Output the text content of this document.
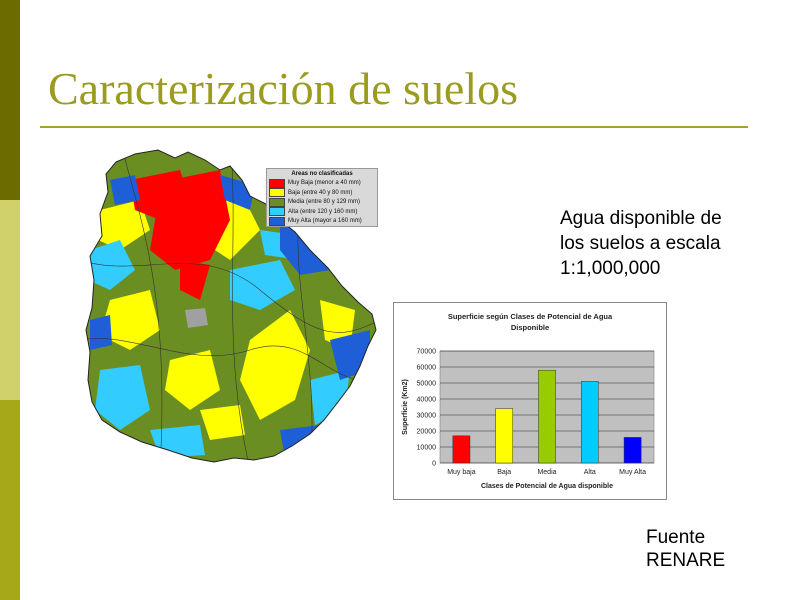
Caracterización de suelos
Areas no clasificadas
Muy Baja (menor a 40 mm)
Baja (entre 40 y 80 mm)
Media (entre 80 y 129 mm)
Alta (entre 120 y 160 mm)
Muy Alta (mayor a 160 mm)	Agua disponible de
los suelos a escala
1:1,000,000
Superficie según Clases de Potencial de Agua
Disponible
0
10000
20000
30000
40000
50000
60000
70000
Muy baja	Baja	Media	Alta	Muy Alta
Clases de Potencial de Agua disponible
Superficie (Km2)
Fuente
RENARE
